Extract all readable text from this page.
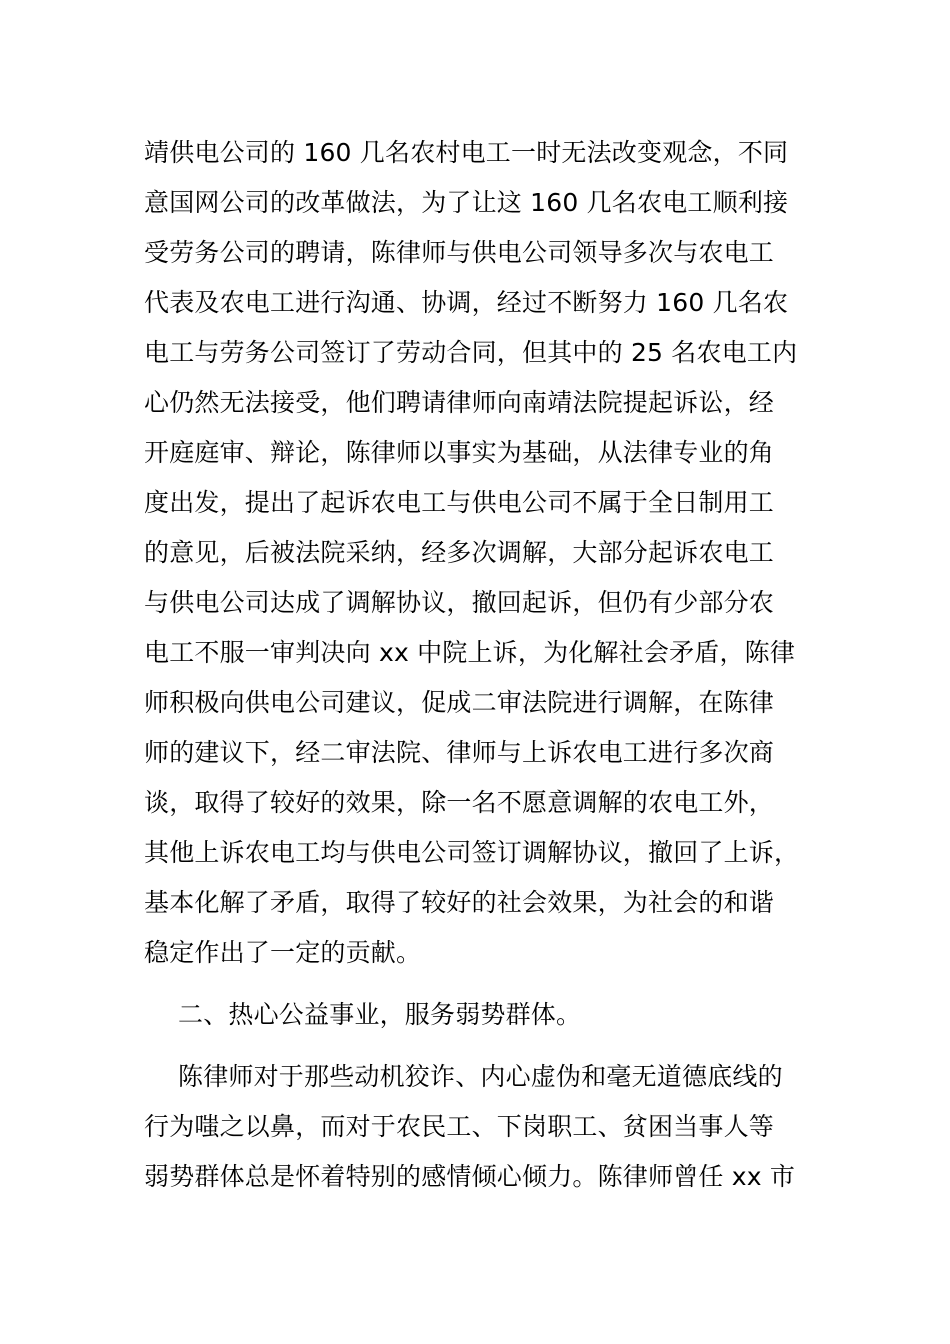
靖供电公司的 160 几名农村电工一时无法改变观念，不同

意国网公司的改革做法，为了让这 160 几名农电工顺利接

受劳务公司的聘请，陈律师与供电公司领导多次与农电工

代表及农电工进行沟通、协调，经过不断努力 160 几名农

电工与劳务公司签订了劳动合同，但其中的 25 名农电工内

心仍然无法接受，他们聘请律师向南靖法院提起诉讼，经

开庭庭审、辩论，陈律师以事实为基础，从法律专业的角

度出发，提出了起诉农电工与供电公司不属于全日制用工

的意见，后被法院采纳，经多次调解，大部分起诉农电工

与供电公司达成了调解协议，撤回起诉，但仍有少部分农

电工不服一审判决向 xx 中院上诉，为化解社会矛盾，陈律

师积极向供电公司建议，促成二审法院进行调解，在陈律

师的建议下，经二审法院、律师与上诉农电工进行多次商

谈，取得了较好的效果，除一名不愿意调解的农电工外，

其他上诉农电工均与供电公司签订调解协议，撤回了上诉，

基本化解了矛盾，取得了较好的社会效果，为社会的和谐

稳定作出了一定的贡献。

二、热心公益事业，服务弱势群体。

陈律师对于那些动机狡诈、内心虚伪和毫无道德底线的

行为嗤之以鼻，而对于农民工、下岗职工、贫困当事人等

弱势群体总是怀着特别的感情倾心倾力。陈律师曾任 xx 市
